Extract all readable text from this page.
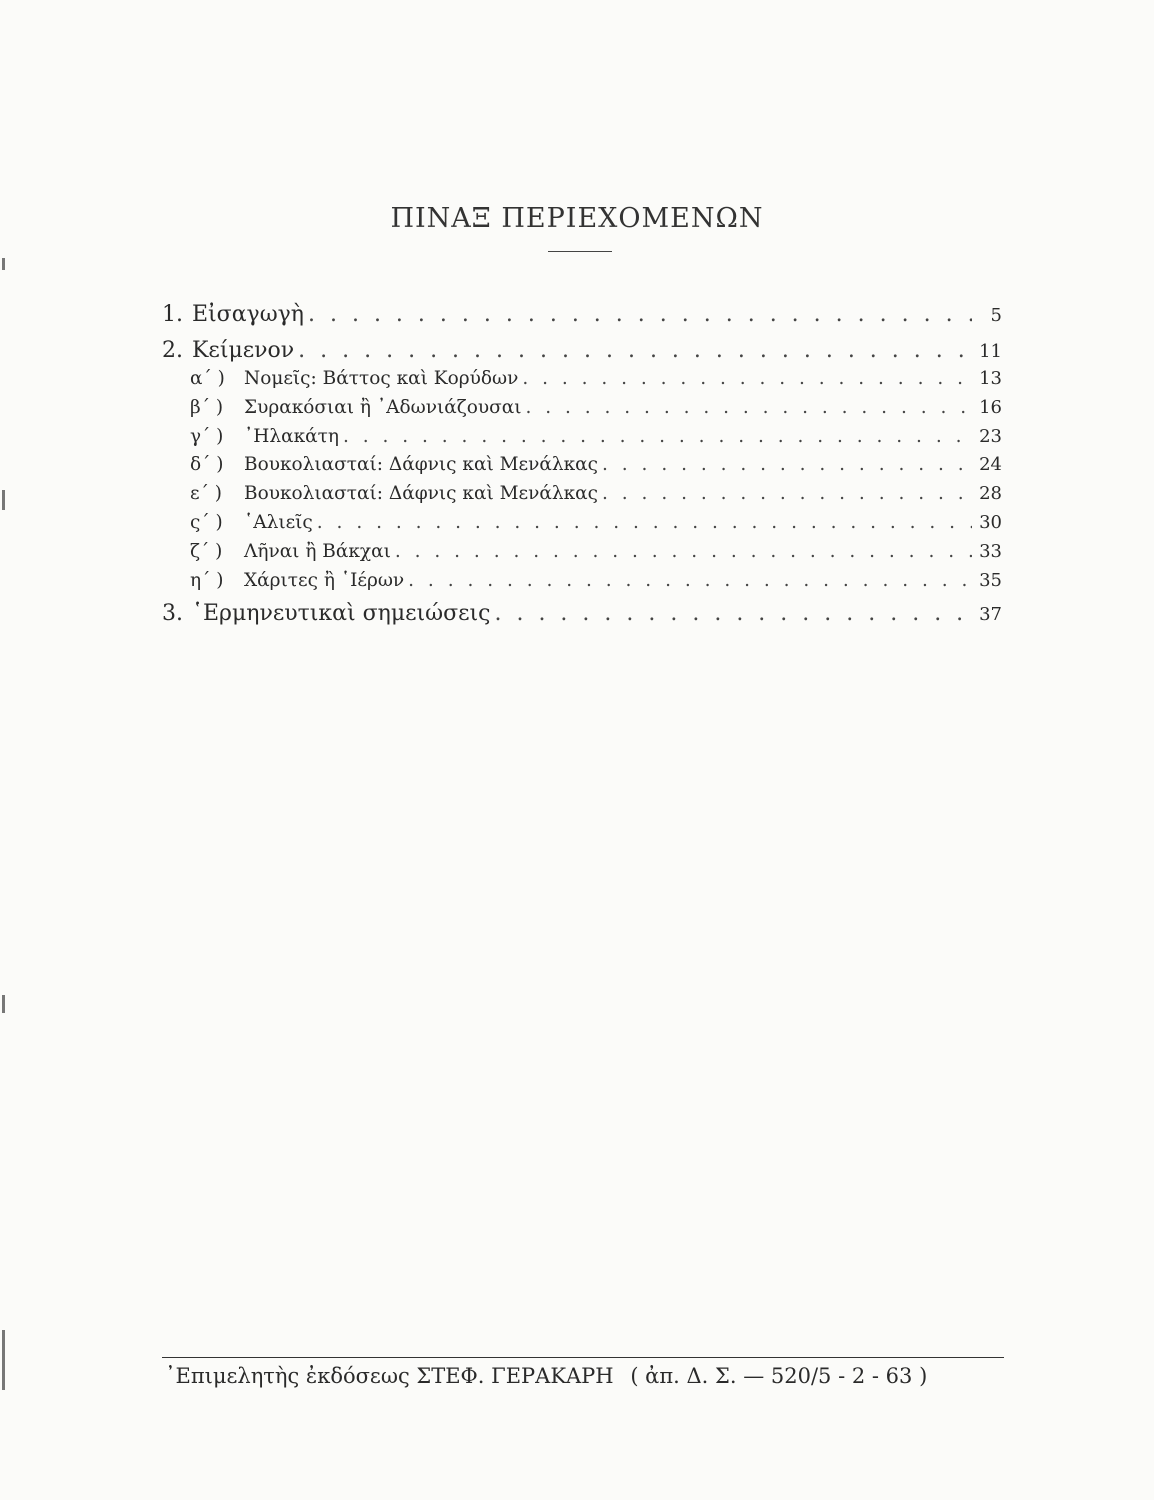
ΠΙΝΑΞ ΠΕΡΙΕΧΟΜΕΝΩΝ
1. Εἰσαγωγὴ . . .	5
2. Κείμενον . . .	11
α΄ ) Νομεῖς: Βάττος καὶ Κορύδων . . .	13
β΄ ) Συρακόσιαι ἢ ᾿Αδωνιάζουσαι . . .	16
γ΄ ) ᾿Ηλακάτη . . .	23
δ΄ ) Βουκολιασταί: Δάφνις καὶ Μενάλκας . . .	24
ε΄ ) Βουκολιασταί: Δάφνις καὶ Μενάλκας . . .	28
ς΄ ) ῾Αλιεῖς . . .	30
ζ΄ ) Λῆναι ἢ Βάκχαι . . .	33
η΄ ) Χάριτες ἢ ῾Ιέρων . . .	35
3. ῾Ερμηνευτικαὶ σημειώσεις . . .	37
᾿Επιμελητὴς ἐκδόσεως ΣΤΕΦ. ΓΕΡΑΚΑΡΗ ( ἀπ. Δ. Σ. — 520/5 - 2 - 63 )
